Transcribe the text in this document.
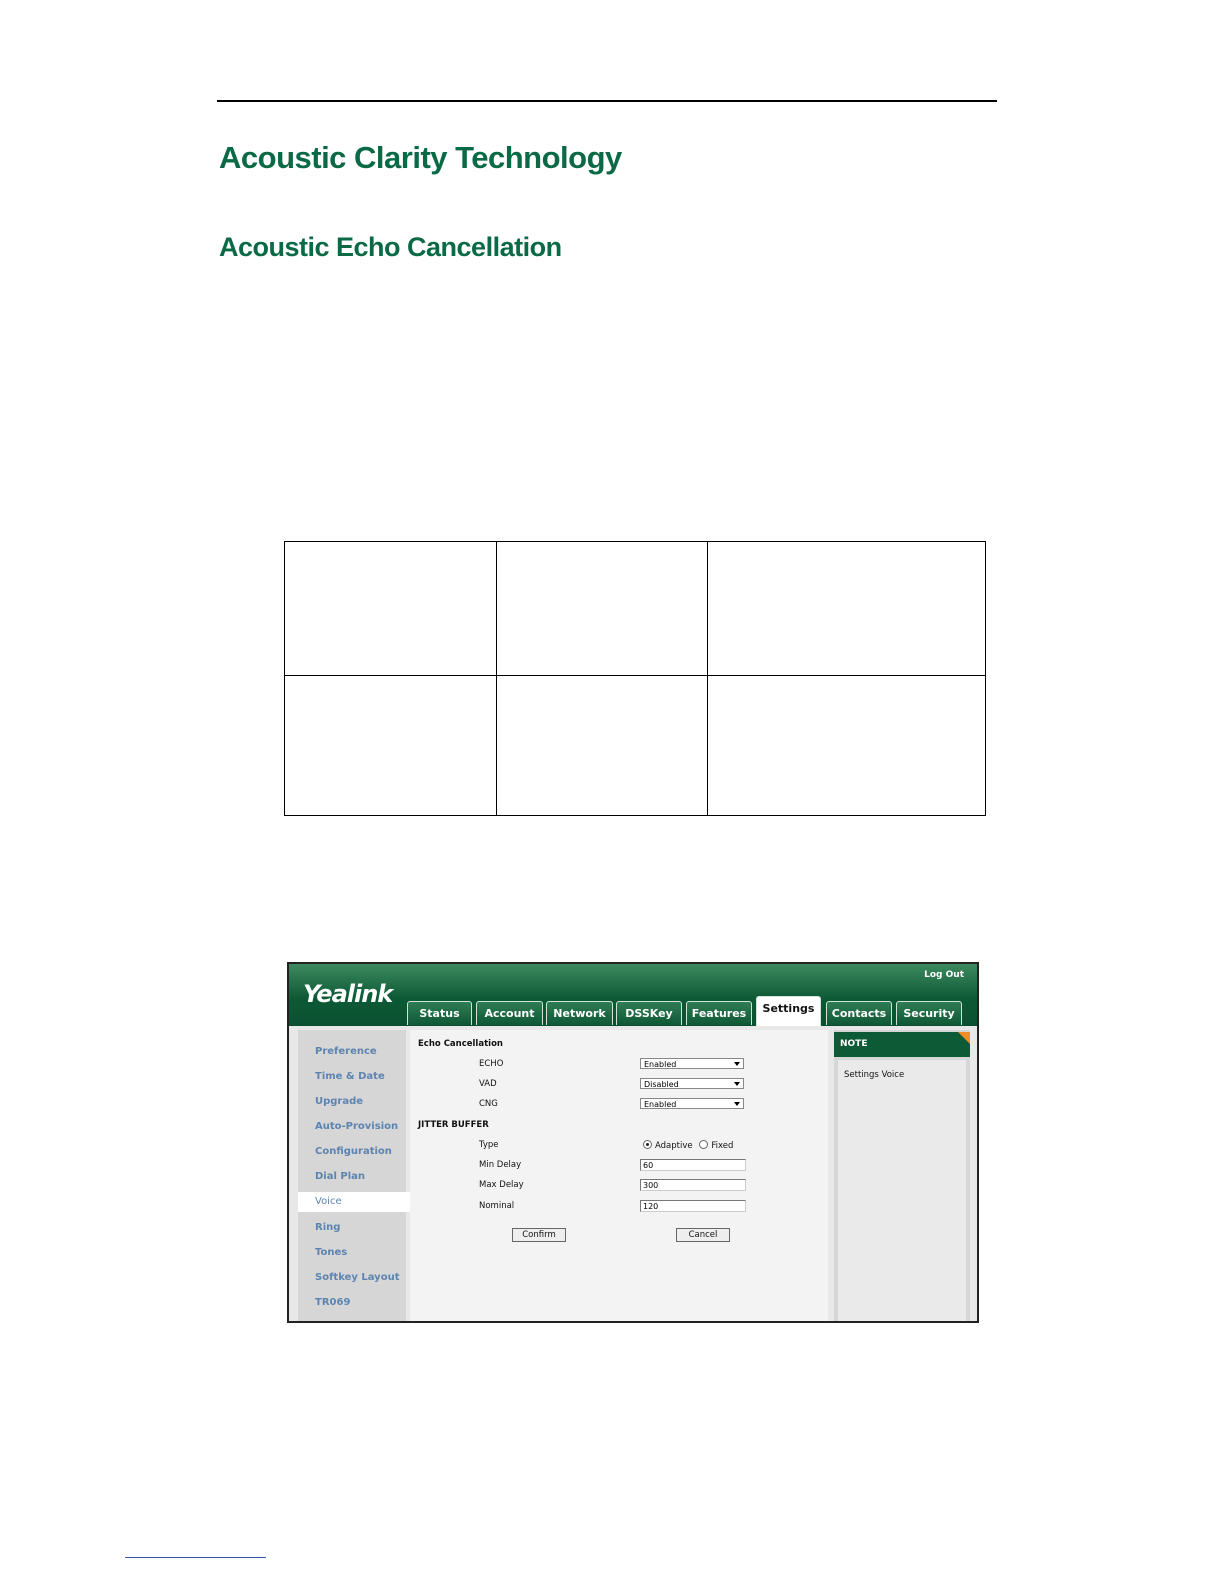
Acoustic Clarity Technology
Acoustic Echo Cancellation

Log Out
Yealink
Status	Account	Network	DSSKey	Features	Settings	Contacts	Security
Preference
Time & Date
Upgrade
Auto-Provision
Configuration
Dial Plan
Voice
Ring
Tones
Softkey Layout
TR069
Echo Cancellation
ECHO	Enabled
VAD	Disabled
CNG	Enabled
JITTER BUFFER
Type	Adaptive Fixed
Min Delay	60
Max Delay	300
Nominal	120
Confirm	Cancel
NOTE
Settings Voice
